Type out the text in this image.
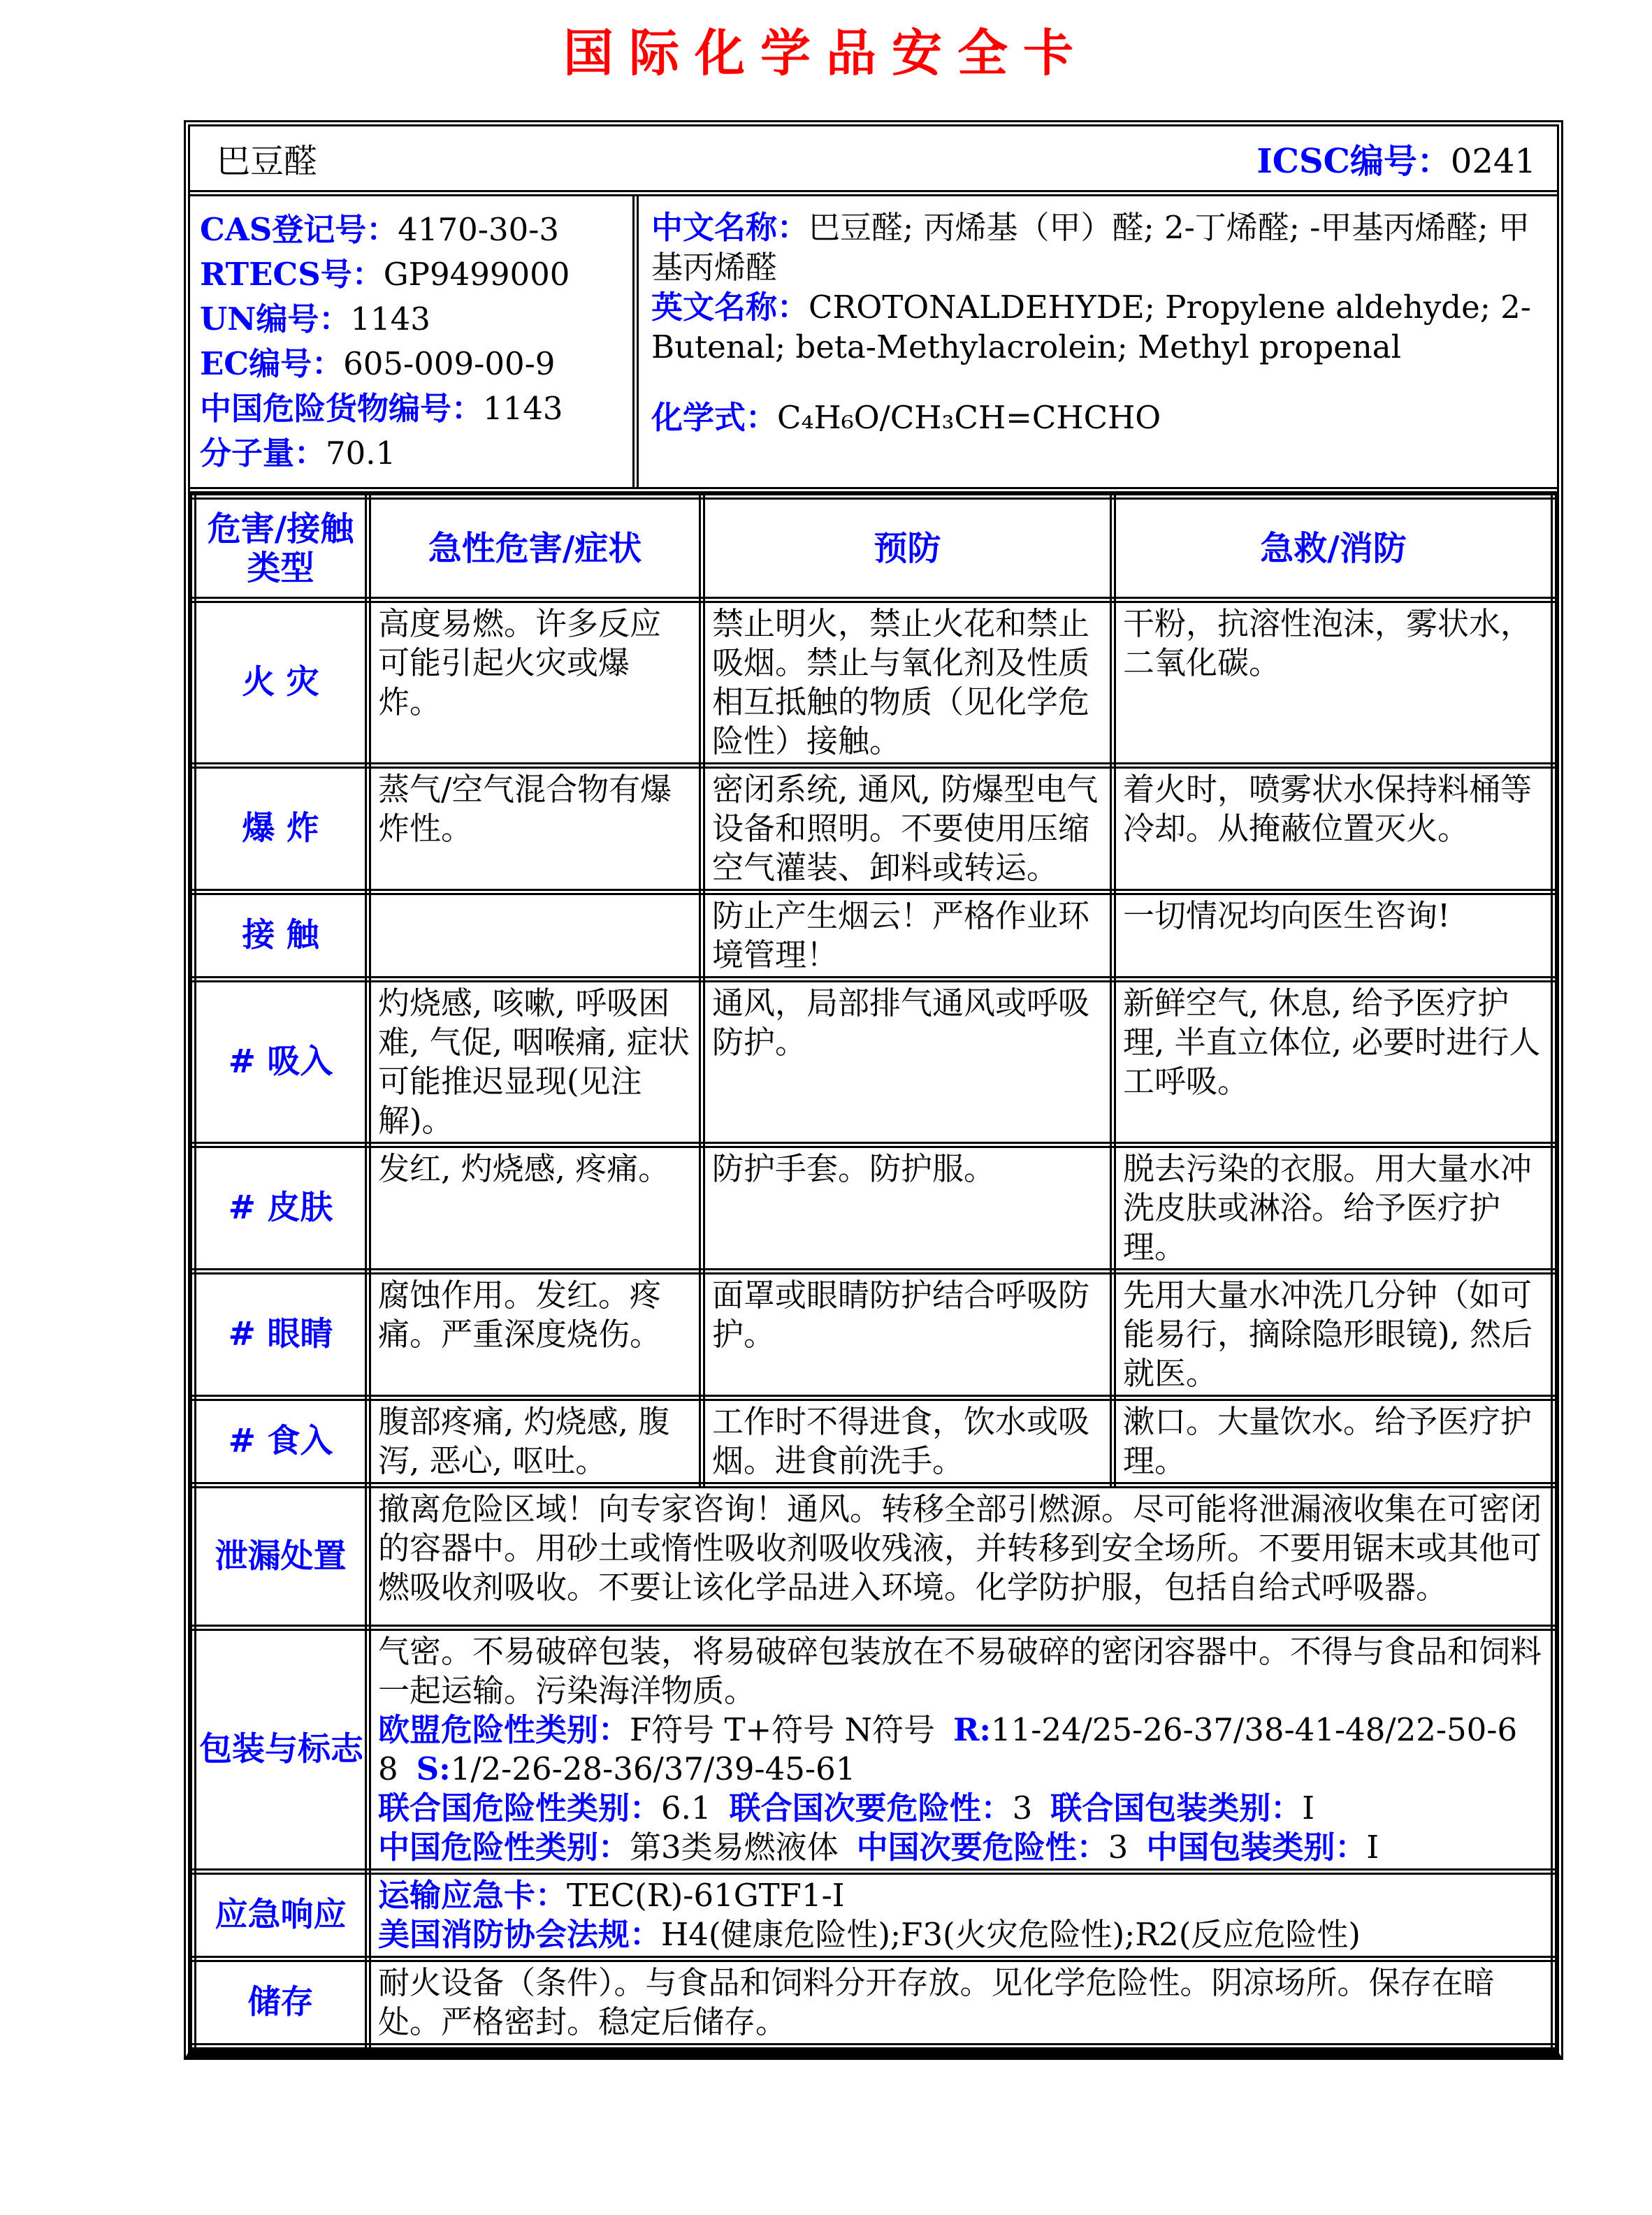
国际化学品安全卡
巴豆醛	ICSC编号：0241
CAS登记号：4170-30-3
RTECS号：GP9499000
UN编号：1143
EC编号：605-009-00-9
中国危险货物编号：1143
分子量：70.1
中文名称：巴豆醛; 丙烯基（甲）醛; 2-丁烯醛; -甲基丙烯醛; 甲基丙烯醛
英文名称：CROTONALDEHYDE; Propylene aldehyde; 2-Butenal; beta-Methylacrolein; Methyl propenal
化学式：C₄H₆O/CH₃CH=CHCHO
危害/接触类型	急性危害/症状	预防	急救/消防
火 灾	高度易燃。许多反应可能引起火灾或爆炸。	禁止明火，禁止火花和禁止吸烟。禁止与氧化剂及性质相互抵触的物质（见化学危险性）接触。	干粉，抗溶性泡沫，雾状水，二氧化碳。
爆 炸	蒸气/空气混合物有爆炸性。	密闭系统, 通风, 防爆型电气设备和照明。不要使用压缩空气灌装、卸料或转运。	着火时，喷雾状水保持料桶等冷却。从掩蔽位置灭火。
接 触		防止产生烟云！严格作业环境管理！	一切情况均向医生咨询!
# 吸入	灼烧感, 咳嗽, 呼吸困难, 气促, 咽喉痛, 症状可能推迟显现(见注解)。	通风，局部排气通风或呼吸防护。	新鲜空气, 休息, 给予医疗护理, 半直立体位, 必要时进行人工呼吸。
# 皮肤	发红, 灼烧感, 疼痛。	防护手套。防护服。	脱去污染的衣服。用大量水冲洗皮肤或淋浴。给予医疗护理。
# 眼睛	腐蚀作用。发红。疼痛。严重深度烧伤。	面罩或眼睛防护结合呼吸防护。	先用大量水冲洗几分钟（如可能易行，摘除隐形眼镜), 然后就医。
# 食入	腹部疼痛, 灼烧感, 腹泻, 恶心, 呕吐。	工作时不得进食，饮水或吸烟。进食前洗手。	漱口。大量饮水。给予医疗护理。
泄漏处置	撤离危险区域！向专家咨询！通风。转移全部引燃源。尽可能将泄漏液收集在可密闭的容器中。用砂土或惰性吸收剂吸收残液，并转移到安全场所。不要用锯末或其他可燃吸收剂吸收。不要让该化学品进入环境。化学防护服，包括自给式呼吸器。		
包装与标志	气密。不易破碎包装，将易破碎包装放在不易破碎的密闭容器中。不得与食品和饲料一起运输。污染海洋物质。
欧盟危险性类别：F符号 T+符号 N符号 R:11-24/25-26-37/38-41-48/22-50-68 S:1/2-26-28-36/37/39-45-61
联合国危险性类别：6.1 联合国次要危险性：3 联合国包装类别：I
中国危险性类别：第3类易燃液体 中国次要危险性：3 中国包装类别：I		

应急响应	运输应急卡：TEC(R)-61GTF1-I
美国消防协会法规：H4(健康危险性);F3(火灾危险性);R2(反应危险性)		

储存	耐火设备（条件）。与食品和饲料分开存放。见化学危险性。阴凉场所。保存在暗处。严格密封。稳定后储存。		
